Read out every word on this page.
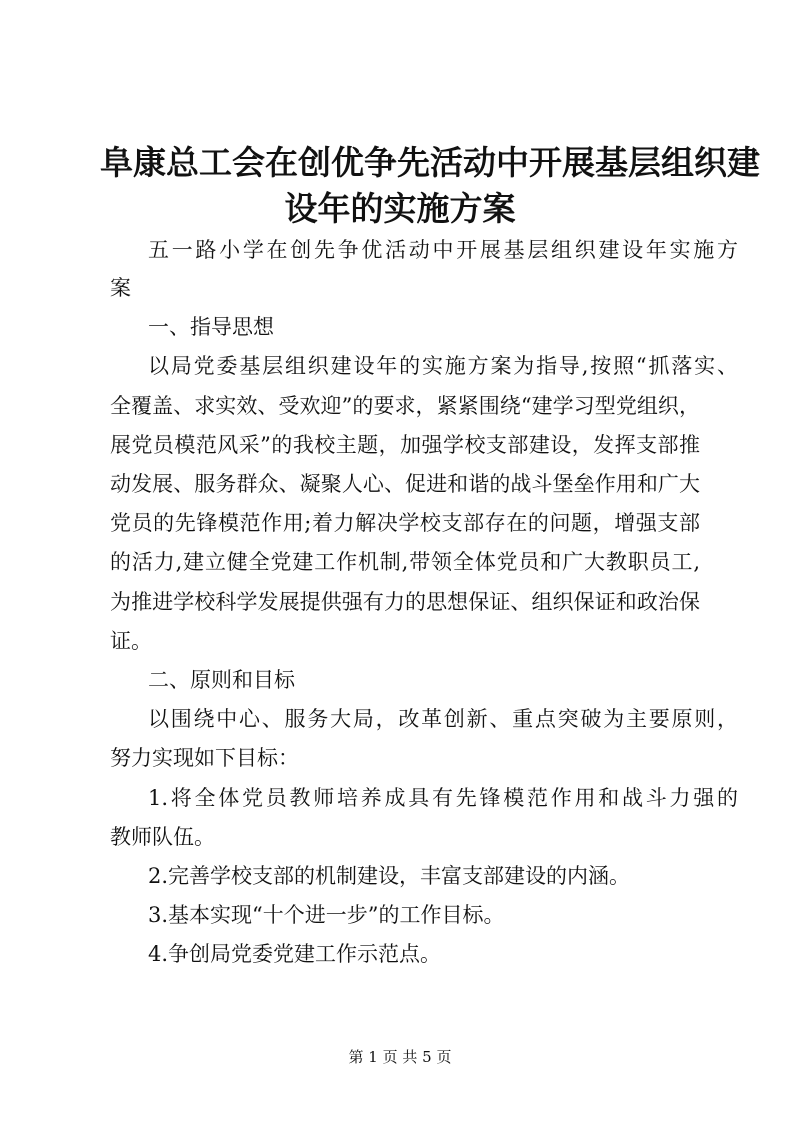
阜康总工会在创优争先活动中开展基层组织建
设年的实施方案

五一路小学在创先争优活动中开展基层组织建设年实施方

案

一、指导思想

以局党委基层组织建设年的实施方案为指导,按照“抓落实、

全覆盖、求实效、受欢迎”的要求，紧紧围绕“建学习型党组织，

展党员模范风采”的我校主题，加强学校支部建设，发挥支部推

动发展、服务群众、凝聚人心、促进和谐的战斗堡垒作用和广大

党员的先锋模范作用;着力解决学校支部存在的问题，增强支部

的活力,建立健全党建工作机制,带领全体党员和广大教职员工,

为推进学校科学发展提供强有力的思想保证、组织保证和政治保

证。

二、原则和目标

以围绕中心、服务大局，改革创新、重点突破为主要原则，

努力实现如下目标：

1.将全体党员教师培养成具有先锋模范作用和战斗力强的

教师队伍。

2.完善学校支部的机制建设，丰富支部建设的内涵。

3.基本实现“十个进一步”的工作目标。

4.争创局党委党建工作示范点。

第 1 页 共 5 页
